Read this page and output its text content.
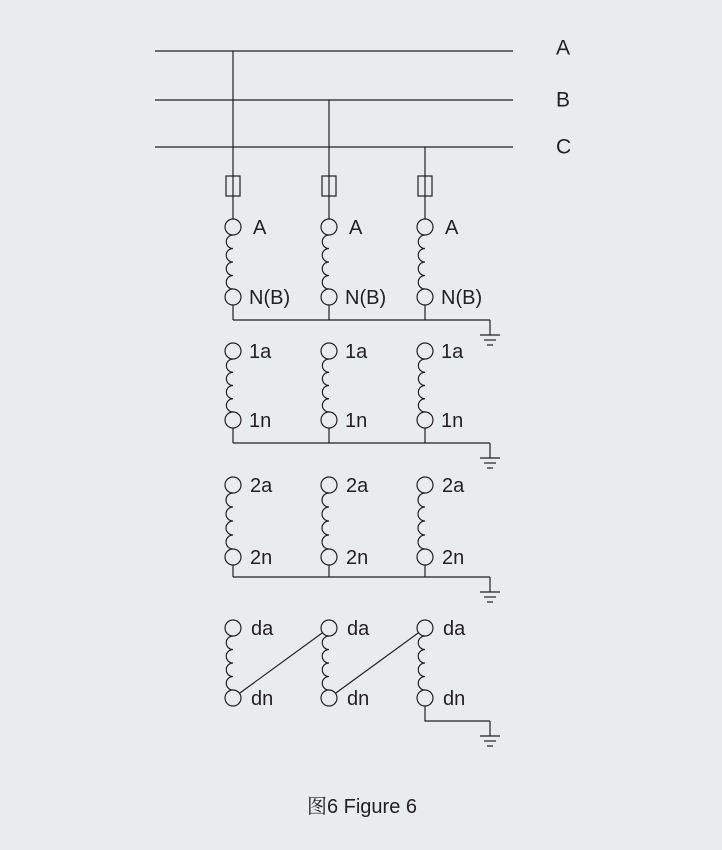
A
B
C
A
N(B)
A
N(B)
A
N(B)
1a
1n
1a
1n
1a
1n
2a
2n
2a
2n
2a
2n
da
dn
da
dn
da
dn
图6 Figure 6
